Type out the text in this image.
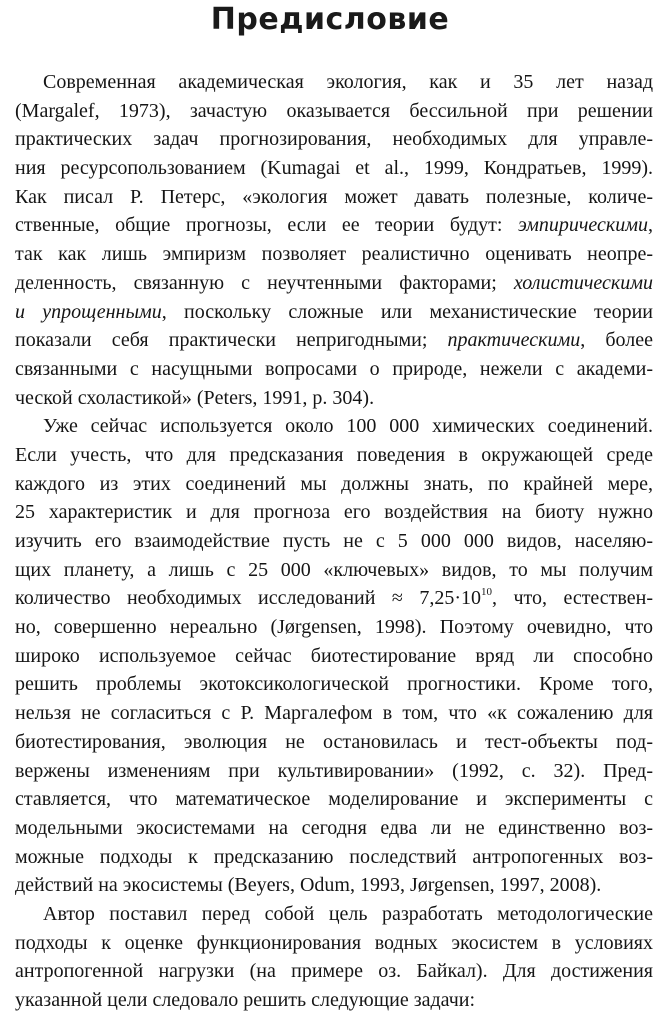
Предисловие
Современная академическая экология, как и 35 лет назад
(Margalef, 1973), зачастую оказывается бессильной при решении
практических задач прогнозирования, необходимых для управле-
ния ресурсопользованием (Kumagai et al., 1999, Кондратьев, 1999).
Как писал Р. Петерс, «экология может давать полезные, количе-
ственные, общие прогнозы, если ее теории будут: эмпирическими,
так как лишь эмпиризм позволяет реалистично оценивать неопре-
деленность, связанную с неучтенными факторами; холистическими
и упрощенными, поскольку сложные или механистические теории
показали себя практически непригодными; практическими, более
связанными с насущными вопросами о природе, нежели с академи-
ческой схоластикой» (Peters, 1991, p. 304).
Уже сейчас используется около 100 000 химических соединений.
Если учесть, что для предсказания поведения в окружающей среде
каждого из этих соединений мы должны знать, по крайней мере,
25 характеристик и для прогноза его воздействия на биоту нужно
изучить его взаимодействие пусть не с 5 000 000 видов, населяю-
щих планету, а лишь с 25 000 «ключевых» видов, то мы получим
количество необходимых исследований ≈ $7,25\cdot 10^{10}$, что, естествен-
но, совершенно нереально (Jørgensen, 1998). Поэтому очевидно, что
широко используемое сейчас биотестирование вряд ли способно
решить проблемы экотоксикологической прогностики. Кроме того,
нельзя не согласиться с Р. Маргалефом в том, что «к сожалению для
биотестирования, эволюция не остановилась и тест-объекты под-
вержены изменениям при культивировании» (1992, с. 32). Пред-
ставляется, что математическое моделирование и эксперименты с
модельными экосистемами на сегодня едва ли не единственно воз-
можные подходы к предсказанию последствий антропогенных воз-
действий на экосистемы (Beyers, Odum, 1993, Jørgensen, 1997, 2008).
Автор поставил перед собой цель разработать методологические
подходы к оценке функционирования водных экосистем в условиях
антропогенной нагрузки (на примере оз. Байкал). Для достижения
указанной цели следовало решить следующие задачи:
